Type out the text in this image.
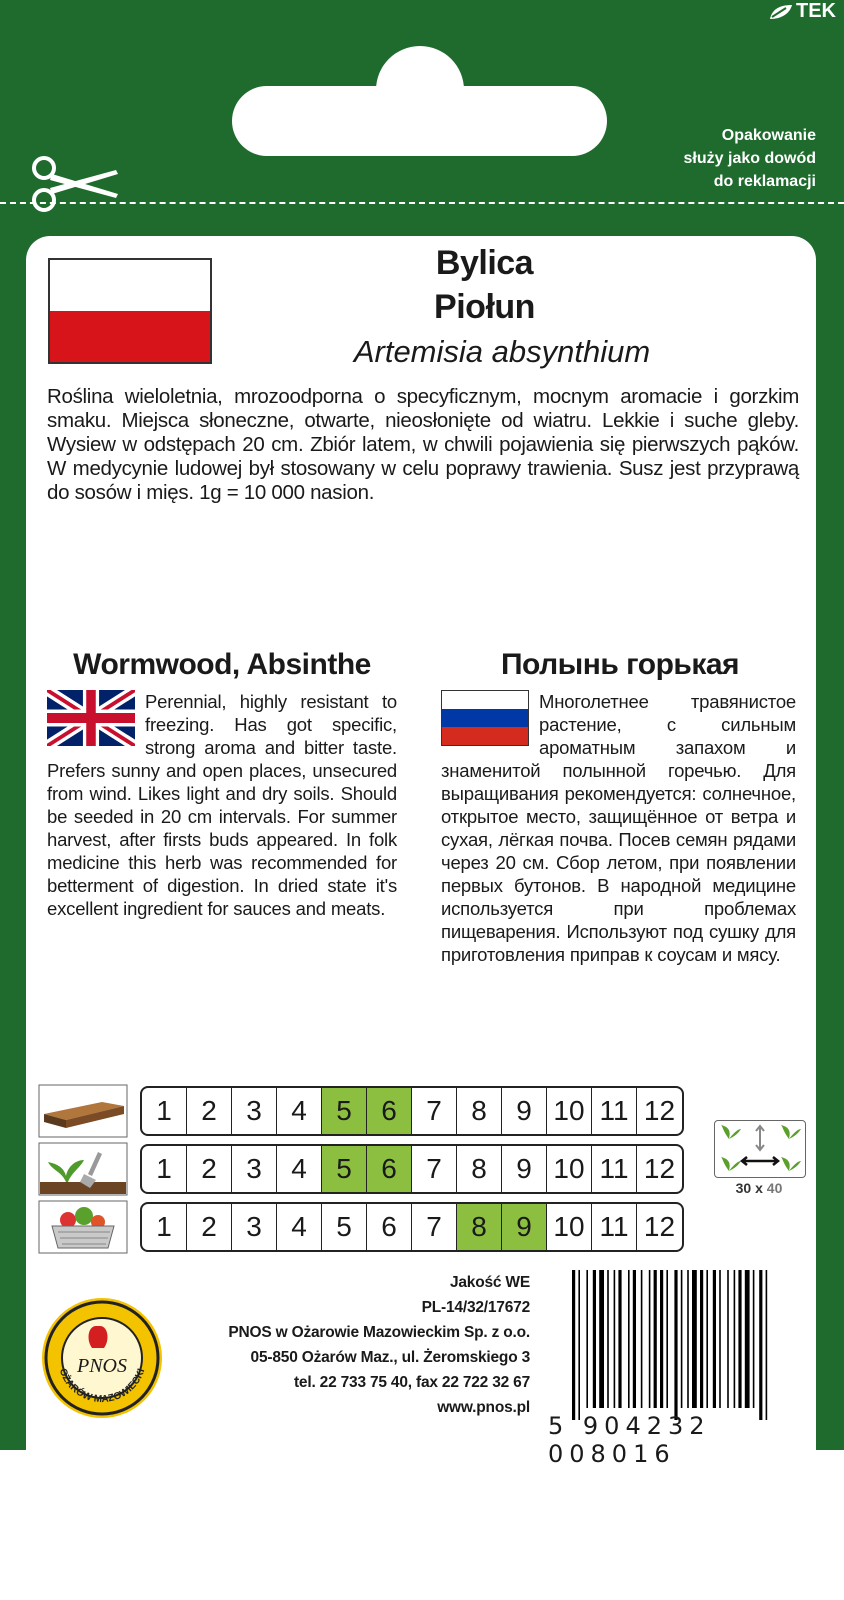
TEK
Opakowanie
służy jako dowód
do reklamacji
Bylica
Piołun
Artemisia absynthium
Roślina wieloletnia, mrozoodporna o specyficznym, mocnym aromacie i gorzkim smaku. Miejsca słoneczne, otwarte, nieosłonięte od wiatru. Lekkie i suche gleby. Wysiew w odstępach 20 cm. Zbiór latem, w chwili pojawienia się pierwszych pąków. W medycynie ludowej był stosowany w celu poprawy trawienia. Susz jest przyprawą do sosów i mięs. 1g = 10 000 nasion.
Wormwood, Absinthe	Полынь горькая
Perennial, highly resistant to freezing. Has got specific, strong aroma and bitter taste. Prefers sunny and open places, unsecured from wind. Likes light and dry soils. Should be seeded in 20 cm intervals. For summer harvest, after firsts buds appeared. In folk medicine this herb was recommended for betterment of digestion. In dried state it's excellent ingredient for sauces and meats.
Многолетнее травянистое растение, с сильным ароматным запахом и знаменитой полынной горечью. Для выращивания рекомендуется: солнечное, открытое место, защищённое от ветра и сухая, лёгкая почва. Посев семян рядами через 20 см. Сбор летом, при появлении первых бутонов. В народной медицине используется при проблемах пищеварения. Используют под сушку для приготовления приправ к соусам и мясу.
1	2	3	4	5	6	7	8	9 10 11 12
1	2	3	4	5	6	7	8	9 10 11 12
1	2	3	4	5	6	7	8	9 10 11 12
30 x 40
OŻARÓW MAZOWIECKI
PNOS
Jakość WE
PL-14/32/17672
PNOS w Ożarowie Mazowieckim Sp. z o.o.
05-850 Ożarów Maz., ul. Żeromskiego 3
tel. 22 733 75 40, fax 22 722 32 67
www.pnos.pl
5 904232 008016
